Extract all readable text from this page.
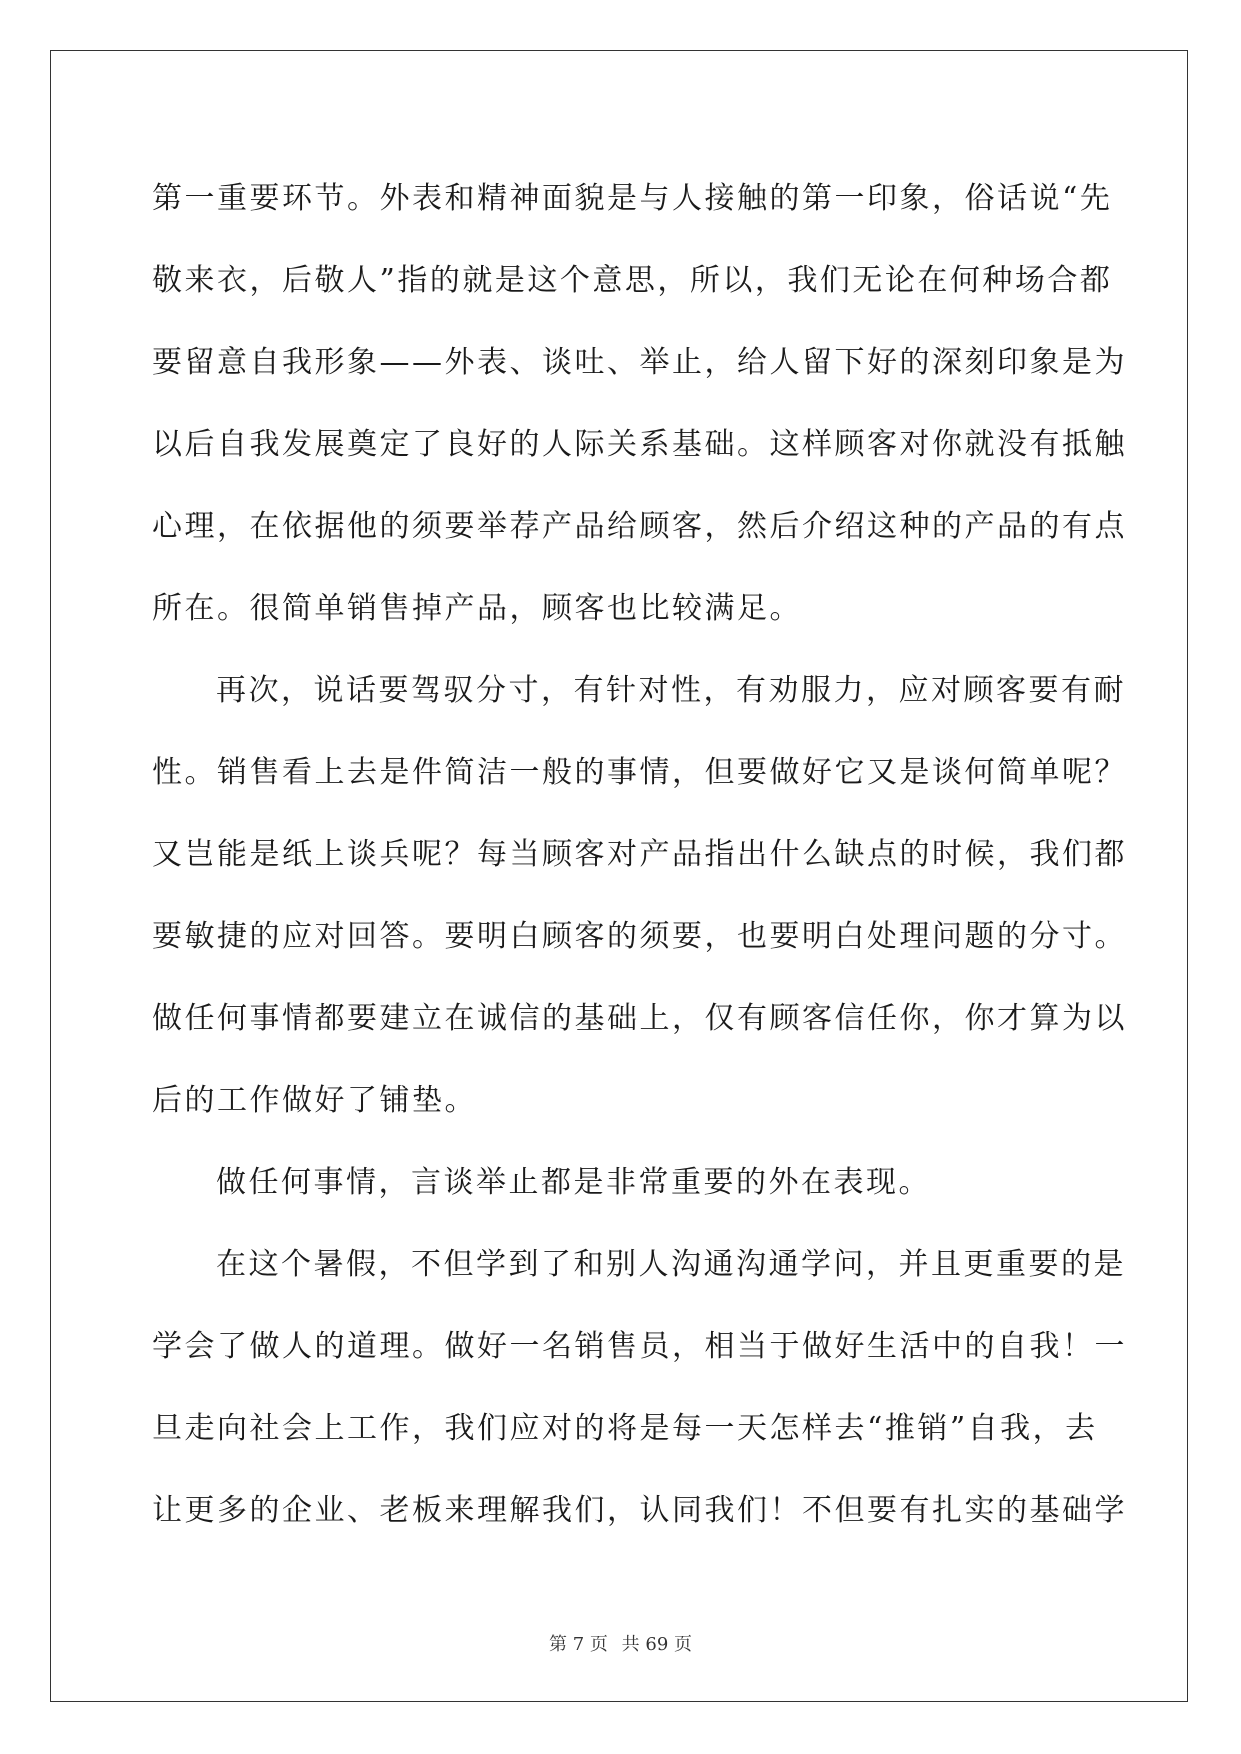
第一重要环节。外表和精神面貌是与人接触的第一印象，俗话说“先
敬来衣，后敬人”指的就是这个意思，所以，我们无论在何种场合都
要留意自我形象——外表、谈吐、举止，给人留下好的深刻印象是为
以后自我发展奠定了良好的人际关系基础。这样顾客对你就没有抵触
心理，在依据他的须要举荐产品给顾客，然后介绍这种的产品的有点
所在。很简单销售掉产品，顾客也比较满足。
再次，说话要驾驭分寸，有针对性，有劝服力，应对顾客要有耐
性。销售看上去是件简洁一般的事情，但要做好它又是谈何简单呢？
又岂能是纸上谈兵呢？每当顾客对产品指出什么缺点的时候，我们都
要敏捷的应对回答。要明白顾客的须要，也要明白处理问题的分寸。
做任何事情都要建立在诚信的基础上，仅有顾客信任你，你才算为以
后的工作做好了铺垫。
做任何事情，言谈举止都是非常重要的外在表现。
在这个暑假，不但学到了和别人沟通沟通学问，并且更重要的是
学会了做人的道理。做好一名销售员，相当于做好生活中的自我！一
旦走向社会上工作，我们应对的将是每一天怎样去“推销”自我，去
让更多的企业、老板来理解我们，认同我们！不但要有扎实的基础学
第 7 页 共 69 页
